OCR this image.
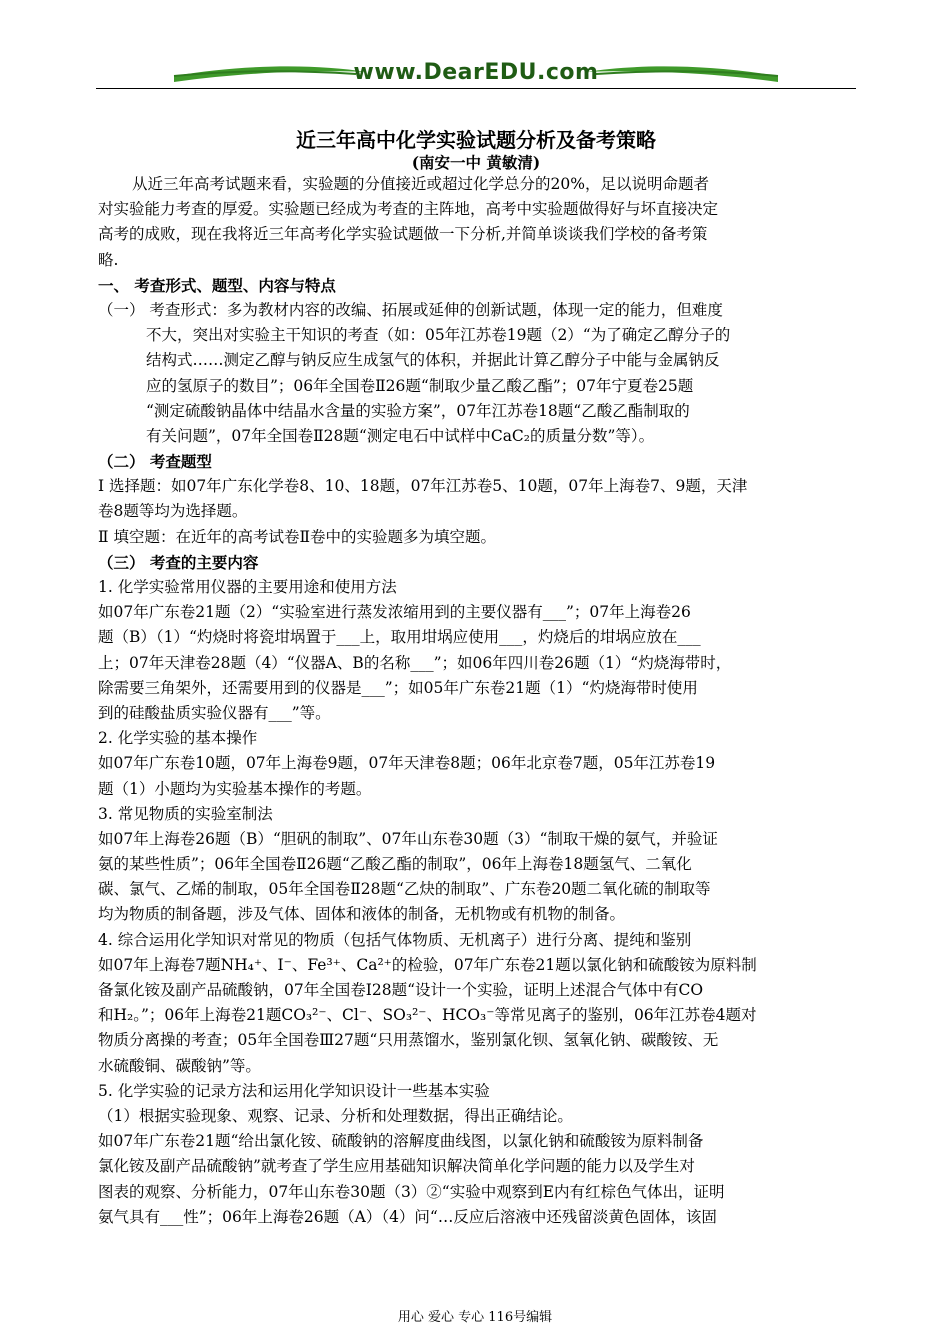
www.DearEDU.com
近三年高中化学实验试题分析及备考策略
(南安一中 黄敏清)
从近三年高考试题来看，实验题的分值接近或超过化学总分的20%，足以说明命题者
对实验能力考查的厚爱。实验题已经成为考查的主阵地，高考中实验题做得好与坏直接决定
高考的成败，现在我将近三年高考化学实验试题做一下分析,并简单谈谈我们学校的备考策
略.
一、 考查形式、题型、内容与特点
（一） 考查形式：多为教材内容的改编、拓展或延伸的创新试题，体现一定的能力，但难度
不大，突出对实验主干知识的考查（如：05年江苏卷19题（2）“为了确定乙醇分子的
结构式……测定乙醇与钠反应生成氢气的体积，并据此计算乙醇分子中能与金属钠反
应的氢原子的数目”；06年全国卷Ⅱ26题“制取少量乙酸乙酯”；07年宁夏卷25题
“测定硫酸钠晶体中结晶水含量的实验方案”，07年江苏卷18题“乙酸乙酯制取的
有关问题”，07年全国卷Ⅱ28题“测定电石中试样中CaC₂的质量分数”等）。
（二） 考查题型
Ⅰ 选择题：如07年广东化学卷8、10、18题，07年江苏卷5、10题，07年上海卷7、9题，天津
卷8题等均为选择题。
Ⅱ 填空题：在近年的高考试卷Ⅱ卷中的实验题多为填空题。
（三） 考查的主要内容
1. 化学实验常用仪器的主要用途和使用方法
如07年广东卷21题（2）“实验室进行蒸发浓缩用到的主要仪器有___”；07年上海卷26
题（B）（1）“灼烧时将瓷坩埚置于___上，取用坩埚应使用___，灼烧后的坩埚应放在___
上；07年天津卷28题（4）“仪器A、B的名称___”；如06年四川卷26题（1）“灼烧海带时，
除需要三角架外，还需要用到的仪器是___”；如05年广东卷21题（1）“灼烧海带时使用
到的硅酸盐质实验仪器有___”等。
2. 化学实验的基本操作
如07年广东卷10题，07年上海卷9题，07年天津卷8题；06年北京卷7题，05年江苏卷19
题（1）小题均为实验基本操作的考题。
3. 常见物质的实验室制法
如07年上海卷26题（B）“胆矾的制取”、07年山东卷30题（3）“制取干燥的氨气，并验证
氨的某些性质”；06年全国卷Ⅱ26题“乙酸乙酯的制取”，06年上海卷18题氢气、二氧化
碳、氯气、乙烯的制取，05年全国卷Ⅱ28题“乙炔的制取”、广东卷20题二氧化硫的制取等
均为物质的制备题，涉及气体、固体和液体的制备，无机物或有机物的制备。
4. 综合运用化学知识对常见的物质（包括气体物质、无机离子）进行分离、提纯和鉴别
如07年上海卷7题NH₄⁺、I⁻、Fe³⁺、Ca²⁺的检验，07年广东卷21题以氯化钠和硫酸铵为原料制
备氯化铵及副产品硫酸钠，07年全国卷Ⅰ28题“设计一个实验，证明上述混合气体中有CO
和H₂。”；06年上海卷21题CO₃²⁻、Cl⁻、SO₃²⁻、HCO₃⁻等常见离子的鉴别，06年江苏卷4题对
物质分离操的考查；05年全国卷Ⅲ27题“只用蒸馏水，鉴别氯化钡、氢氧化钠、碳酸铵、无
水硫酸铜、碳酸钠”等。
5. 化学实验的记录方法和运用化学知识设计一些基本实验
（1）根据实验现象、观察、记录、分析和处理数据，得出正确结论。
如07年广东卷21题“给出氯化铵、硫酸钠的溶解度曲线图，以氯化钠和硫酸铵为原料制备
氯化铵及副产品硫酸钠”就考查了学生应用基础知识解决简单化学问题的能力以及学生对
图表的观察、分析能力，07年山东卷30题（3）②“实验中观察到E内有红棕色气体出，证明
氨气具有___性”；06年上海卷26题（A）（4）问“…反应后溶液中还残留淡黄色固体，该固
用心 爱心 专心 116号编辑
